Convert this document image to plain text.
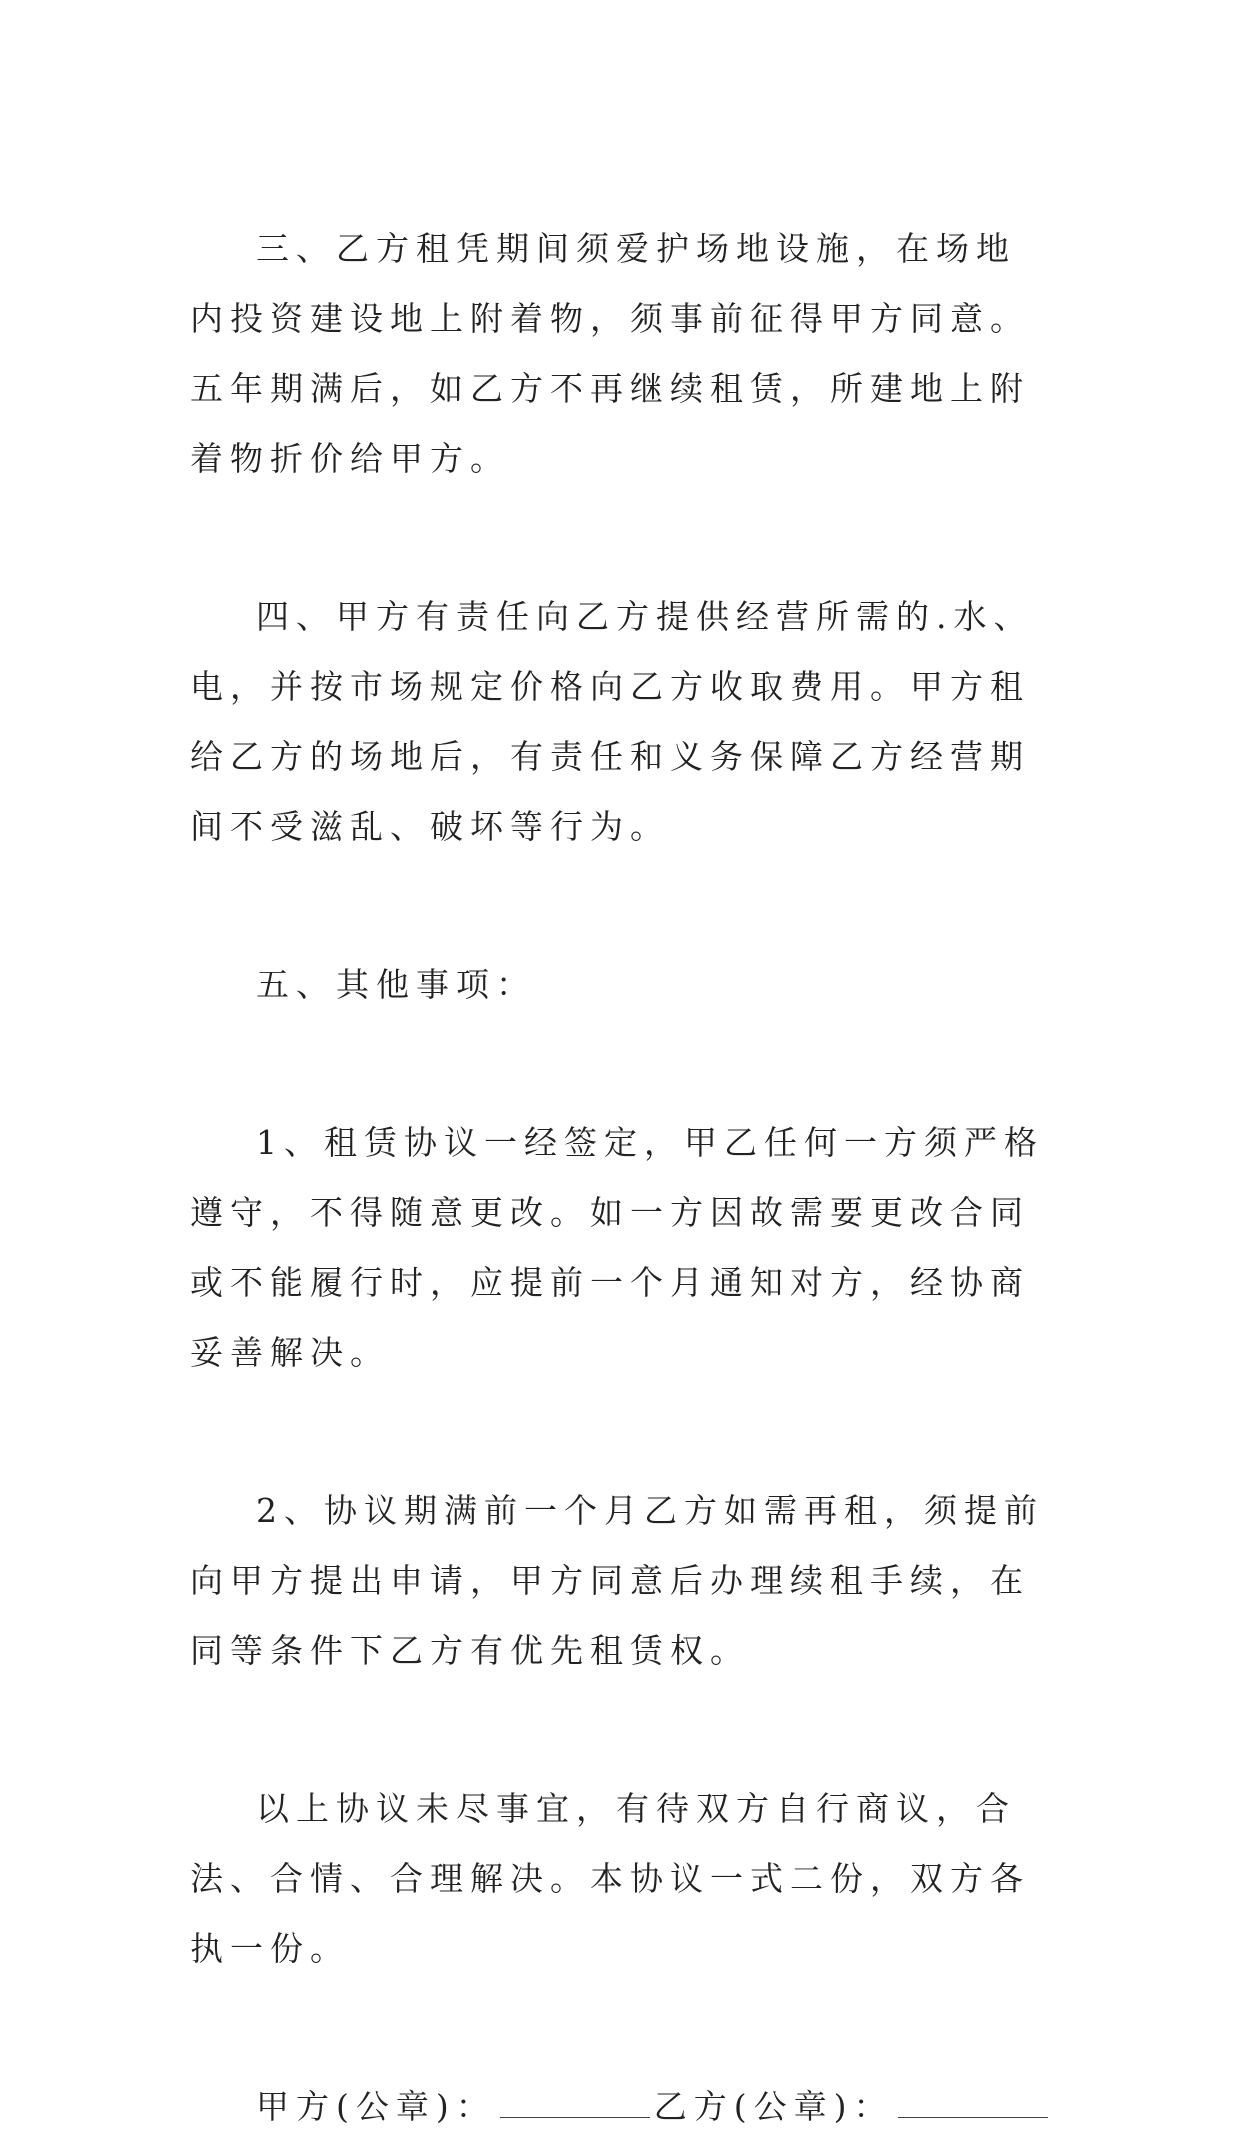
三、乙方租凭期间须爱护场地设施，在场地内投资建设地上附着物，须事前征得甲方同意。五年期满后，如乙方不再继续租赁，所建地上附着物折价给甲方。

四、甲方有责任向乙方提供经营所需的.水、电，并按市场规定价格向乙方收取费用。甲方租给乙方的场地后，有责任和义务保障乙方经营期间不受滋乱、破坏等行为。

五、其他事项：

1、租赁协议一经签定，甲乙任何一方须严格遵守，不得随意更改。如一方因故需要更改合同或不能履行时，应提前一个月通知对方，经协商妥善解决。

2、协议期满前一个月乙方如需再租，须提前向甲方提出申请，甲方同意后办理续租手续，在同等条件下乙方有优先租赁权。

以上协议未尽事宜，有待双方自行商议，合法、合情、合理解决。本协议一式二份，双方各执一份。

甲方(公章)：	乙方(公章)：
